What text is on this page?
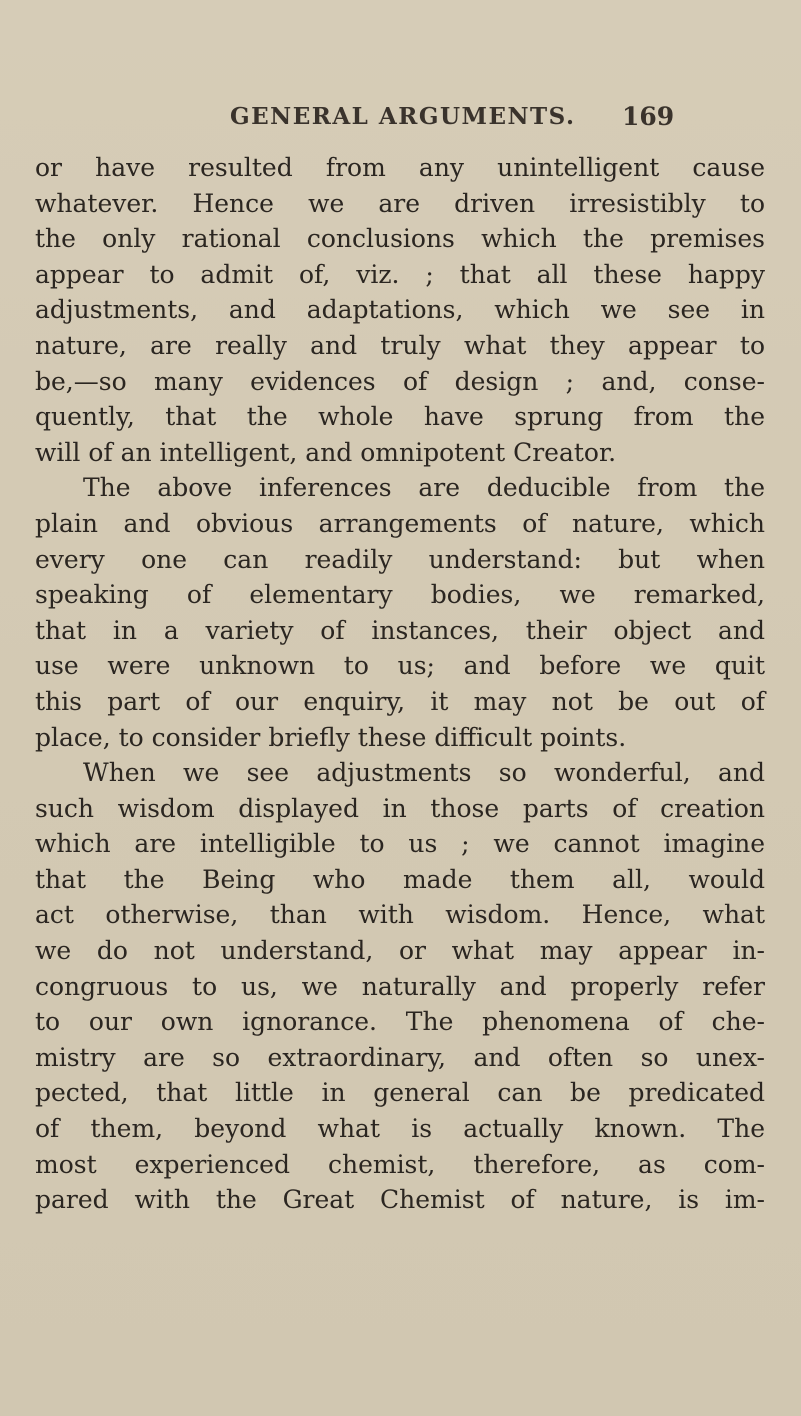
GENERAL ARGUMENTS. 169
or have resulted from any unintelligent cause
whatever. Hence we are driven irresistibly to
the only rational conclusions which the premises
appear to admit of, viz. ; that all these happy
adjustments, and adaptations, which we see in
nature, are really and truly what they appear to
be,—so many evidences of design ; and, conse-
quently, that the whole have sprung from the
will of an intelligent, and omnipotent Creator.
The above inferences are deducible from the
plain and obvious arrangements of nature, which
every one can readily understand: but when
speaking of elementary bodies, we remarked,
that in a variety of instances, their object and
use were unknown to us; and before we quit
this part of our enquiry, it may not be out of
place, to consider briefly these difficult points.
When we see adjustments so wonderful, and
such wisdom displayed in those parts of creation
which are intelligible to us ; we cannot imagine
that the Being who made them all, would
act otherwise, than with wisdom. Hence, what
we do not understand, or what may appear in-
congruous to us, we naturally and properly refer
to our own ignorance. The phenomena of che-
mistry are so extraordinary, and often so unex-
pected, that little in general can be predicated
of them, beyond what is actually known. The
most experienced chemist, therefore, as com-
pared with the Great Chemist of nature, is im-
